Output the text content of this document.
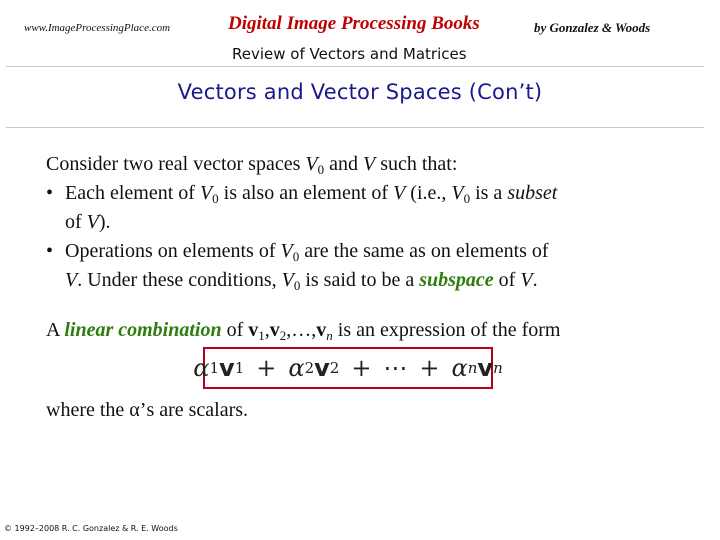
www.ImageProcessingPlace.com	Digital Image Processing Books	by Gonzalez & Woods
Review of Vectors and Matrices
Vectors and Vector Spaces (Con’t)

Consider two real vector spaces $V_0$ and V such that:

• Each element of $V_0$ is also an element of V (i.e., $V_0$ is a subset
of V).

• Operations on elements of $V_0$ are the same as on elements of
V. Under these conditions, $V_0$ is said to be a subspace of V.

A linear combination of $v_1,v_2,\dots,v_n$ is an expression of the form

α 1 v 1 + α 2 v 2 + ⋯ + α n v n

where the α’s are scalars.

© 1992–2008 R. C. Gonzalez & R. E. Woods
